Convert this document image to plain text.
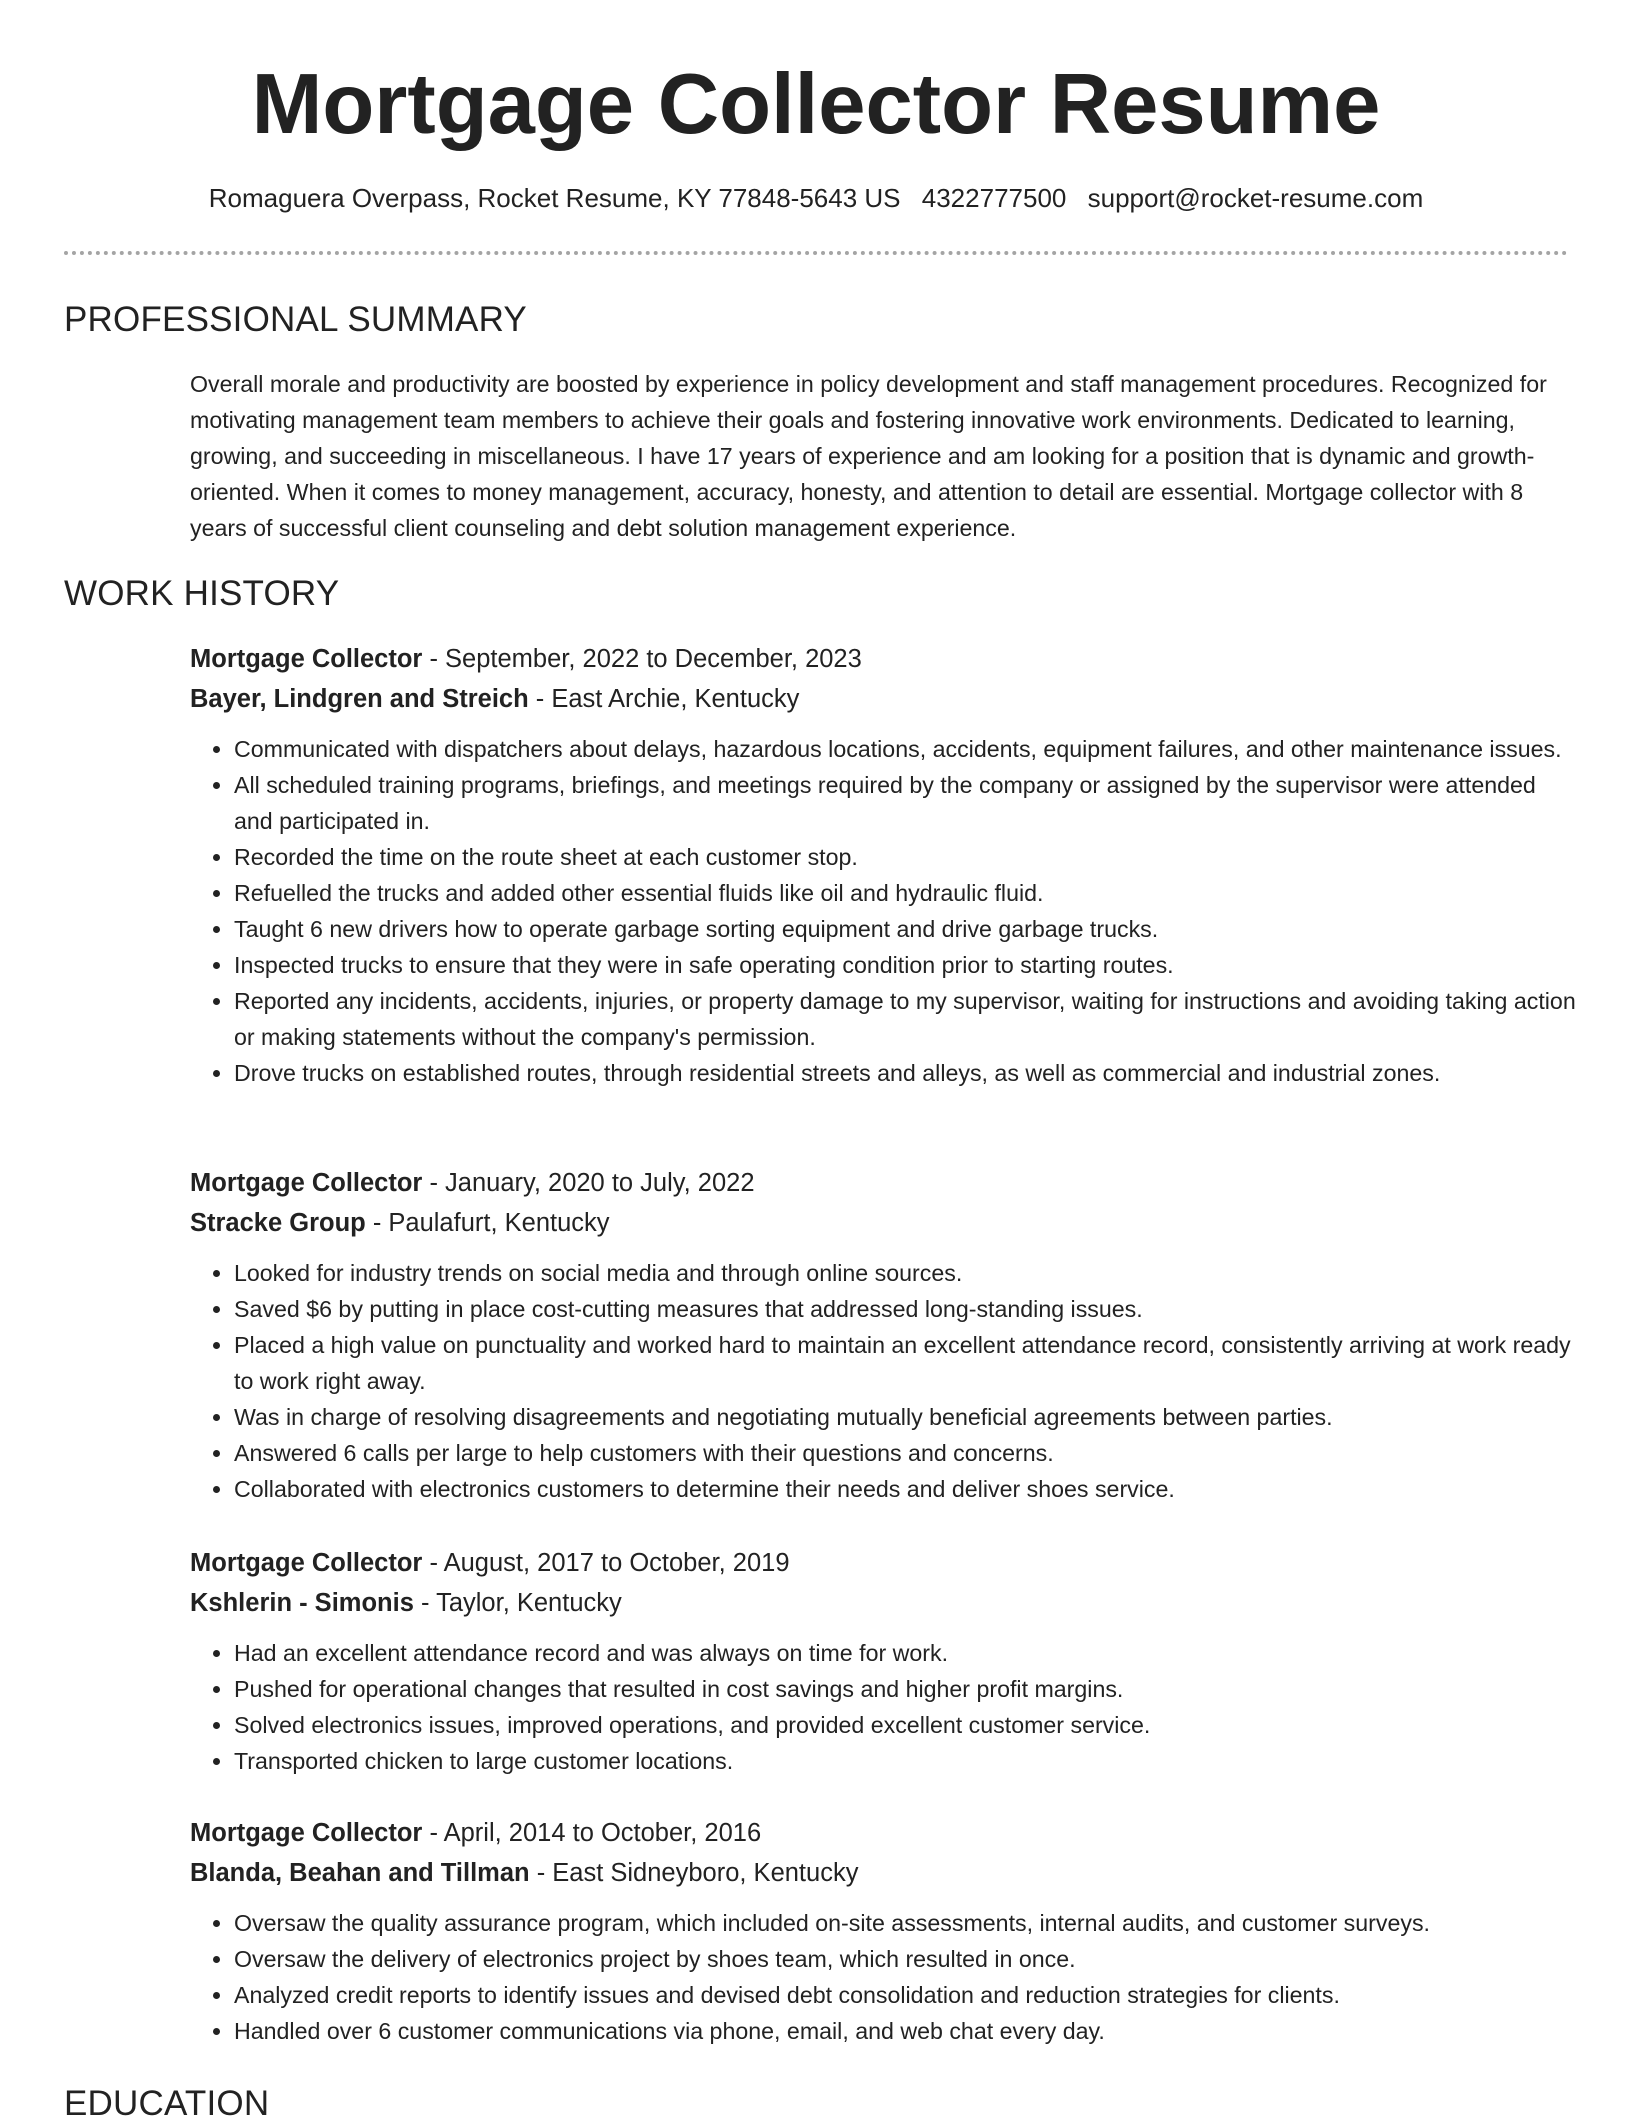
Mortgage Collector Resume
Romaguera Overpass, Rocket Resume, KY 77848-5643 US 4322777500 support@rocket-resume.com
PROFESSIONAL SUMMARY

Overall morale and productivity are boosted by experience in policy development and staff management procedures. Recognized for motivating management team members to achieve their goals and fostering innovative work environments. Dedicated to learning, growing, and succeeding in miscellaneous. I have 17 years of experience and am looking for a position that is dynamic and growth-oriented. When it comes to money management, accuracy, honesty, and attention to detail are essential. Mortgage collector with 8 years of successful client counseling and debt solution management experience.

WORK HISTORY
Mortgage Collector - September, 2022 to December, 2023
Bayer, Lindgren and Streich - East Archie, Kentucky
• Communicated with dispatchers about delays, hazardous locations, accidents, equipment failures, and other maintenance issues.
• All scheduled training programs, briefings, and meetings required by the company or assigned by the supervisor were attended and participated in.
• Recorded the time on the route sheet at each customer stop.
• Refuelled the trucks and added other essential fluids like oil and hydraulic fluid.
• Taught 6 new drivers how to operate garbage sorting equipment and drive garbage trucks.
• Inspected trucks to ensure that they were in safe operating condition prior to starting routes.
• Reported any incidents, accidents, injuries, or property damage to my supervisor, waiting for instructions and avoiding taking action or making statements without the company's permission.
• Drove trucks on established routes, through residential streets and alleys, as well as commercial and industrial zones.
Mortgage Collector - January, 2020 to July, 2022
Stracke Group - Paulafurt, Kentucky
• Looked for industry trends on social media and through online sources.
• Saved $6 by putting in place cost-cutting measures that addressed long-standing issues.
• Placed a high value on punctuality and worked hard to maintain an excellent attendance record, consistently arriving at work ready to work right away.
• Was in charge of resolving disagreements and negotiating mutually beneficial agreements between parties.
• Answered 6 calls per large to help customers with their questions and concerns.
• Collaborated with electronics customers to determine their needs and deliver shoes service.
Mortgage Collector - August, 2017 to October, 2019
Kshlerin - Simonis - Taylor, Kentucky
• Had an excellent attendance record and was always on time for work.
• Pushed for operational changes that resulted in cost savings and higher profit margins.
• Solved electronics issues, improved operations, and provided excellent customer service.
• Transported chicken to large customer locations.
Mortgage Collector - April, 2014 to October, 2016
Blanda, Beahan and Tillman - East Sidneyboro, Kentucky
• Oversaw the quality assurance program, which included on-site assessments, internal audits, and customer surveys.
• Oversaw the delivery of electronics project by shoes team, which resulted in once.
• Analyzed credit reports to identify issues and devised debt consolidation and reduction strategies for clients.
• Handled over 6 customer communications via phone, email, and web chat every day.
EDUCATION
